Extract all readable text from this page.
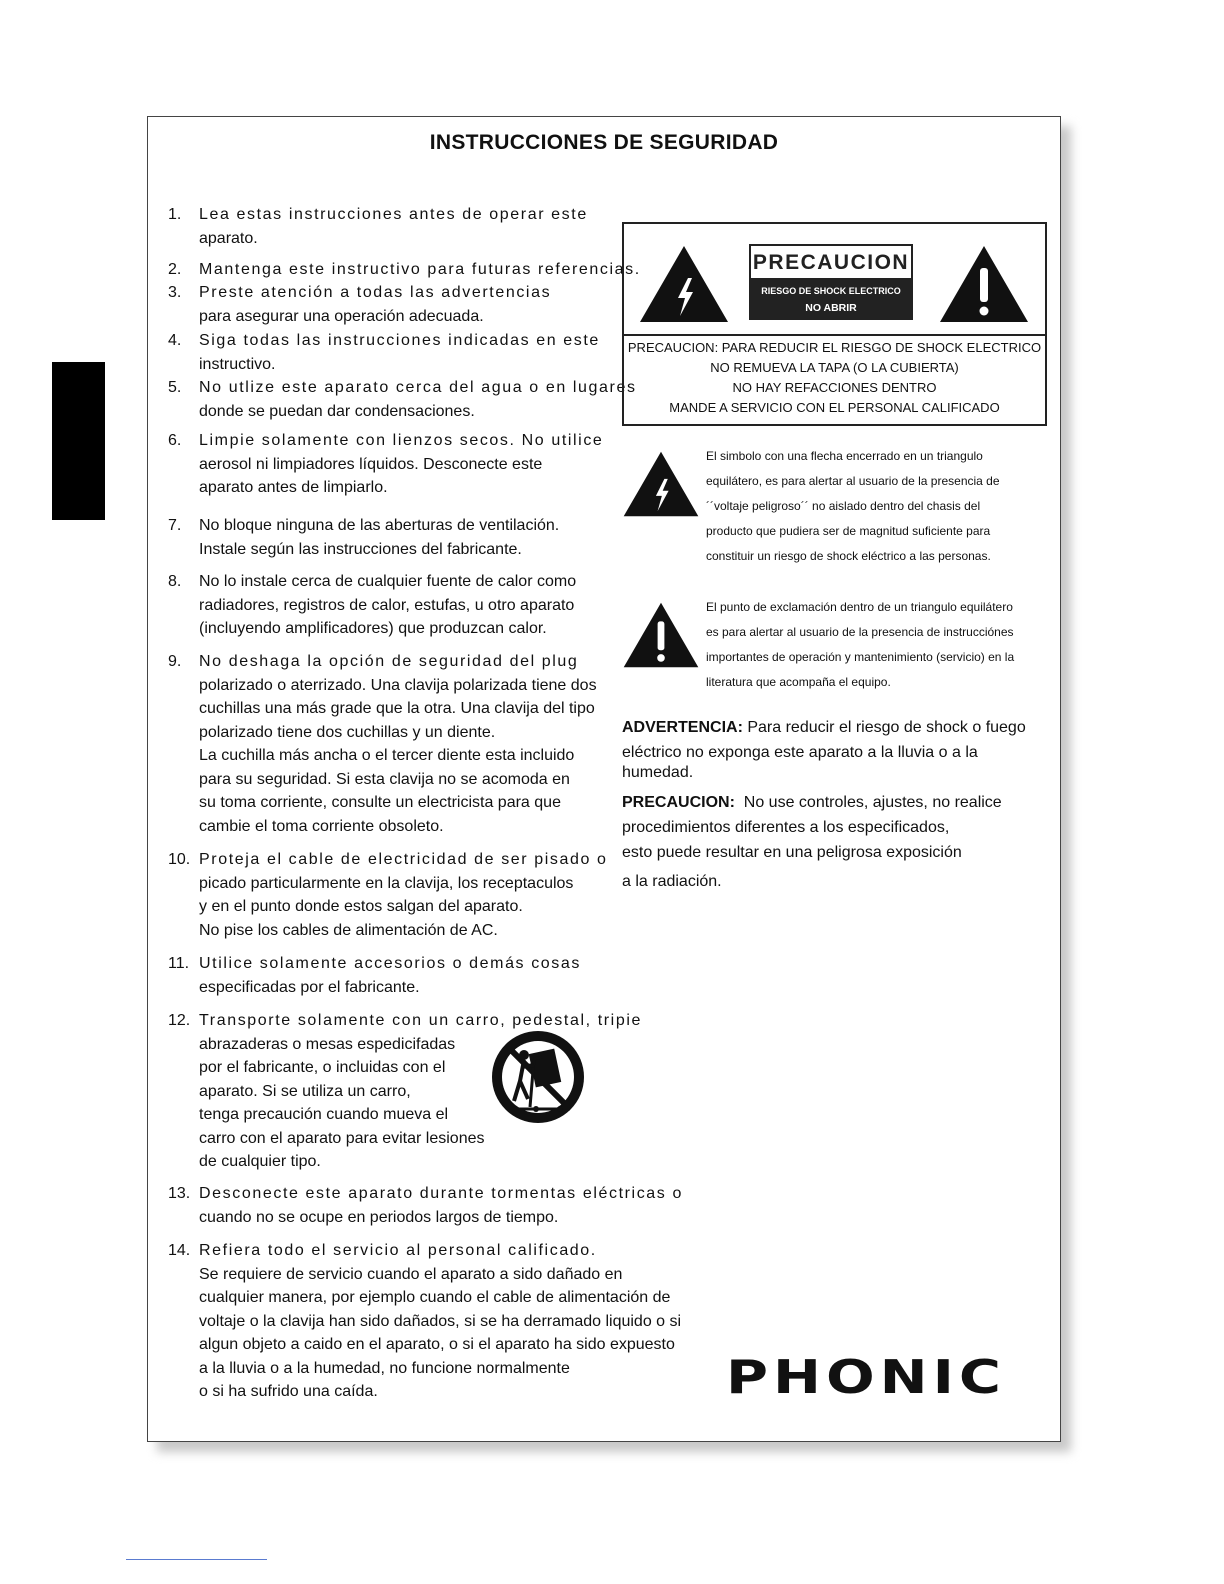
INSTRUCCIONES DE SEGURIDAD
1. Lea estas instrucciones antes de operar este
aparato.
2. Mantenga este instructivo para futuras referencias.
3. Preste atención a todas las advertencias
para asegurar una operación adecuada.
4. Siga todas las instrucciones indicadas en este
instructivo.
5. No utlize este aparato cerca del agua o en lugares
donde se puedan dar condensaciones.
6. Limpie solamente con lienzos secos. No utilice
aerosol ni limpiadores líquidos. Desconecte este
aparato antes de limpiarlo.
7. No bloque ninguna de las aberturas de ventilación.
Instale según las instrucciones del fabricante.
8. No lo instale cerca de cualquier fuente de calor como
radiadores, registros de calor, estufas, u otro aparato
(incluyendo amplificadores) que produzcan calor.
9. No deshaga la opción de seguridad del plug
polarizado o aterrizado. Una clavija polarizada tiene dos
cuchillas una más grade que la otra. Una clavija del tipo
polarizado tiene dos cuchillas y un diente.
La cuchilla más ancha o el tercer diente esta incluido
para su seguridad. Si esta clavija no se acomoda en
su toma corriente, consulte un electricista para que
cambie el toma corriente obsoleto.
10. Proteja el cable de electricidad de ser pisado o
picado particularmente en la clavija, los receptaculos
y en el punto donde estos salgan del aparato.
No pise los cables de alimentación de AC.
11. Utilice solamente accesorios o demás cosas
especificadas por el fabricante.
12. Transporte solamente con un carro, pedestal, tripie
abrazaderas o mesas espedicifadas
por el fabricante, o incluidas con el
aparato. Si se utiliza un carro,
tenga precaución cuando mueva el
carro con el aparato para evitar lesiones
de cualquier tipo.
13. Desconecte este aparato durante tormentas eléctricas o
cuando no se ocupe en periodos largos de tiempo.
14. Refiera todo el servicio al personal calificado.
Se requiere de servicio cuando el aparato a sido dañado en
cualquier manera, por ejemplo cuando el cable de alimentación de
voltaje o la clavija han sido dañados, si se ha derramado liquido o si
algun objeto a caido en el aparato, o si el aparato ha sido expuesto
a la lluvia o a la humedad, no funcione normalmente
o si ha sufrido una caída.
PRECAUCION
RIESGO DE SHOCK ELECTRICO
NO ABRIR
PRECAUCION: PARA REDUCIR EL RIESGO DE SHOCK ELECTRICO
NO REMUEVA LA TAPA (O LA CUBIERTA)
NO HAY REFACCIONES DENTRO
MANDE A SERVICIO CON EL PERSONAL CALIFICADO
El simbolo con una flecha encerrado en un triangulo
equilátero, es para alertar al usuario de la presencia de
´´voltaje peligroso´´ no aislado dentro del chasis del
producto que pudiera ser de magnitud suficiente para
constituir un riesgo de shock eléctrico a las personas.
El punto de exclamación dentro de un triangulo equilátero
es para alertar al usuario de la presencia de instrucciónes
importantes de operación y mantenimiento (servicio) en la
literatura que acompaña el equipo.
ADVERTENCIA: Para reducir el riesgo de shock o fuego
eléctrico no exponga este aparato a la lluvia o a la
humedad.
PRECAUCION: No use controles, ajustes, no realice
procedimientos diferentes a los especificados,
esto puede resultar en una peligrosa exposición
a la radiación.
PHONIC
